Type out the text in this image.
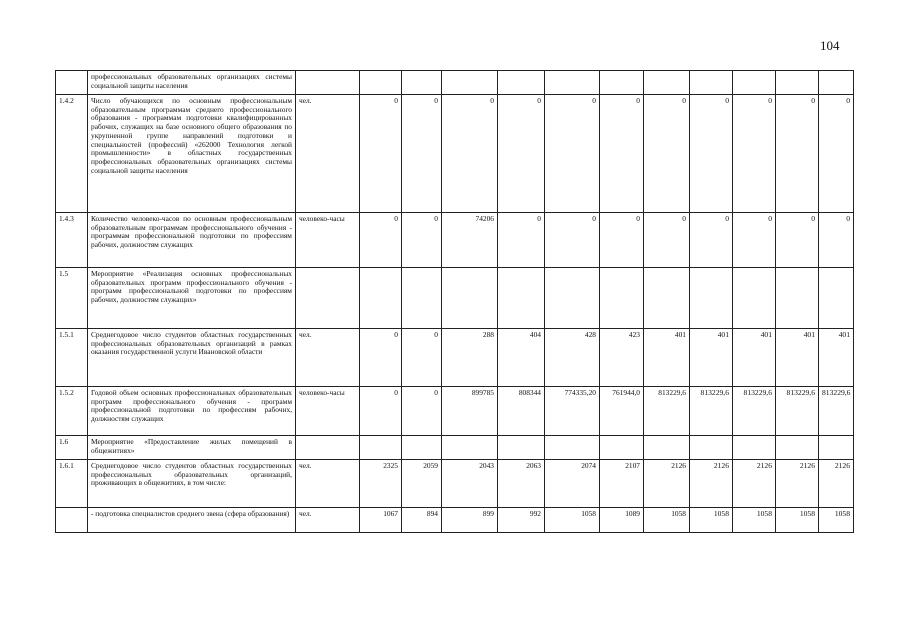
104
	профессиональных образовательных организациях системы социальной защиты населения												
1.4.2	Число обучающихся по основным профессиональным образовательным программам среднего профессионального образования - программам подготовки квалифицированных рабочих, служащих на базе основного общего образования по укрупненной группе направлений подготовки и специальностей (профессий) «262000 Технология легкой промышленности» в областных государственных профессиональных образовательных организациях системы социальной защиты населения	чел.	0	0	0	0	0	0	0	0	0	0	0
1.4.3	Количество человеко-часов по основным профессиональным образовательным программам профессионального обучения - программам профессиональной подготовки по профессиям рабочих, должностям служащих	человеко-часы	0	0	74206	0	0	0	0	0	0	0	0
1.5	Мероприятие «Реализация основных профессиональных образовательных программ профессионального обучения - программ профессиональной подготовки по профессиям рабочих, должностям служащих»												
1.5.1	Среднегодовое число студентов областных государственных профессиональных образовательных организаций в рамках оказания государственной услуги Ивановской области	чел.	0	0	288	404	428	423	401	401	401	401	401
1.5.2	Годовой объем основных профессиональных образовательных программ профессионального обучения - программ профессиональной подготовки по профессиям рабочих, должностям служащих	человеко-часы	0	0	899785	808344	774335,20	761944,0	813229,6	813229,6	813229,6	813229,6	813229,6
1.6	Мероприятие «Предоставление жилых помещений в общежитиях»												
1.6.1	Среднегодовое число студентов областных государственных профессиональных образовательных организаций, проживающих в общежитиях, в том числе:	чел.	2325	2059	2043	2063	2074	2107	2126	2126	2126	2126	2126
	- подготовка специалистов среднего звена (сфера образования)	чел.	1067	894	899	992	1058	1089	1058	1058	1058	1058	1058
